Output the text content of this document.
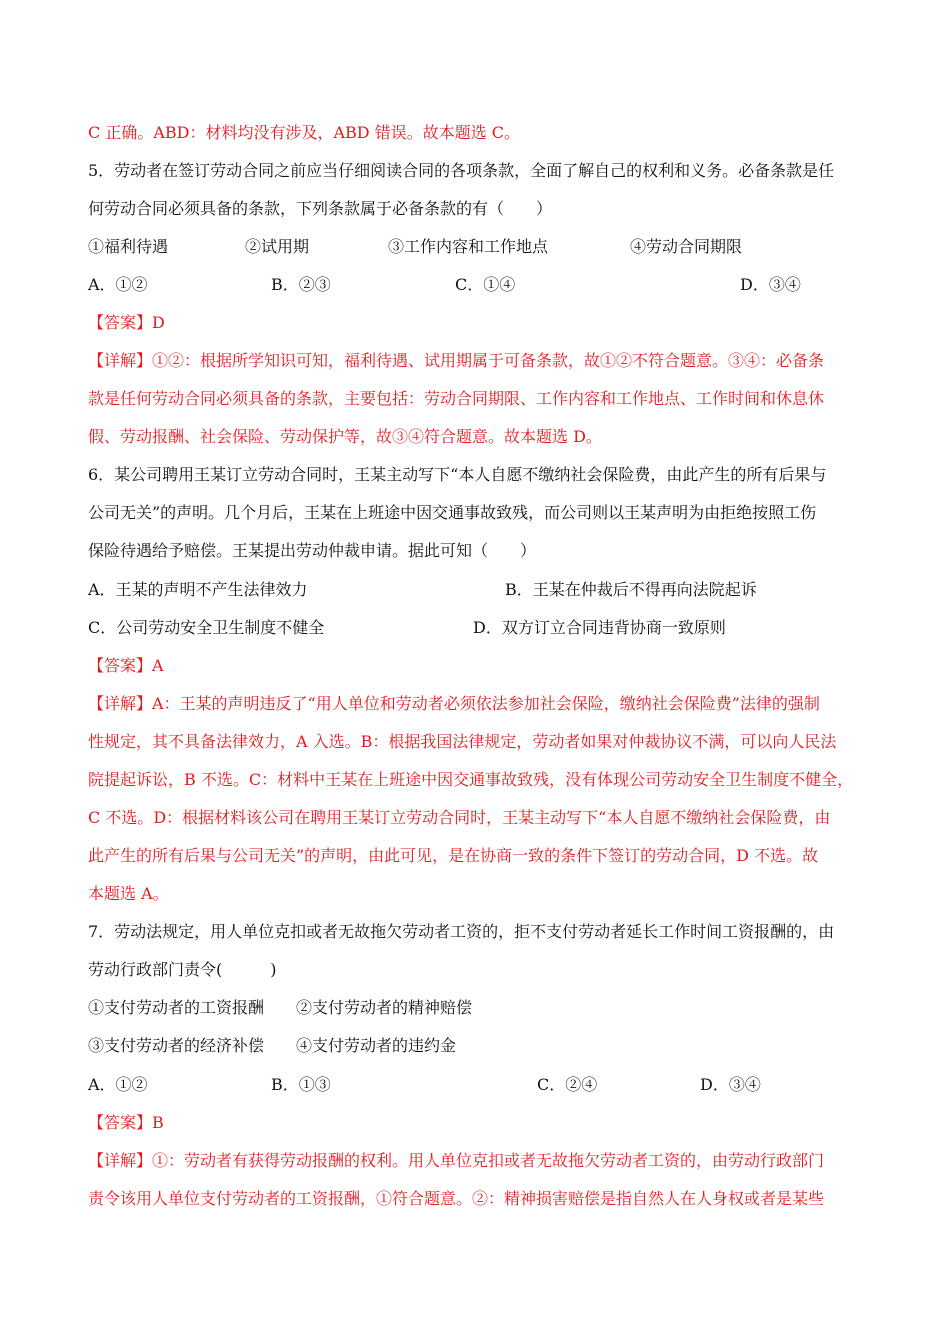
C 正确。ABD：材料均没有涉及，ABD 错误。故本题选 C。
5．劳动者在签订劳动合同之前应当仔细阅读合同的各项条款，全面了解自己的权利和义务。必备条款是任
何劳动合同必须具备的条款，下列条款属于必备条款的有（　　）
①福利待遇	②试用期	③工作内容和工作地点	④劳动合同期限
A．①②	B．②③	C．①④	D．③④
【答案】D
【详解】①②：根据所学知识可知，福利待遇、试用期属于可备条款，故①②不符合题意。③④：必备条
款是任何劳动合同必须具备的条款，主要包括：劳动合同期限、工作内容和工作地点、工作时间和休息休
假、劳动报酬、社会保险、劳动保护等，故③④符合题意。故本题选 D。
6．某公司聘用王某订立劳动合同时，王某主动写下“本人自愿不缴纳社会保险费，由此产生的所有后果与
公司无关”的声明。几个月后，王某在上班途中因交通事故致残，而公司则以王某声明为由拒绝按照工伤
保险待遇给予赔偿。王某提出劳动仲裁申请。据此可知（　　）
A．王某的声明不产生法律效力	B．王某在仲裁后不得再向法院起诉
C．公司劳动安全卫生制度不健全	D．双方订立合同违背协商一致原则
【答案】A
【详解】A：王某的声明违反了“用人单位和劳动者必须依法参加社会保险，缴纳社会保险费”法律的强制
性规定，其不具备法律效力，A 入选。B：根据我国法律规定，劳动者如果对仲裁协议不满，可以向人民法
院提起诉讼，B 不选。C：材料中王某在上班途中因交通事故致残，没有体现公司劳动安全卫生制度不健全，
C 不选。D：根据材料该公司在聘用王某订立劳动合同时，王某主动写下“本人自愿不缴纳社会保险费，由
此产生的所有后果与公司无关”的声明，由此可见，是在协商一致的条件下签订的劳动合同，D 不选。故
本题选 A。
7．劳动法规定，用人单位克扣或者无故拖欠劳动者工资的，拒不支付劳动者延长工作时间工资报酬的，由
劳动行政部门责令(　　　)
①支付劳动者的工资报酬　　②支付劳动者的精神赔偿
③支付劳动者的经济补偿　　④支付劳动者的违约金
A．①②	B．①③	C．②④	D．③④
【答案】B
【详解】①：劳动者有获得劳动报酬的权利。用人单位克扣或者无故拖欠劳动者工资的，由劳动行政部门
责令该用人单位支付劳动者的工资报酬，①符合题意。②：精神损害赔偿是指自然人在人身权或者是某些
